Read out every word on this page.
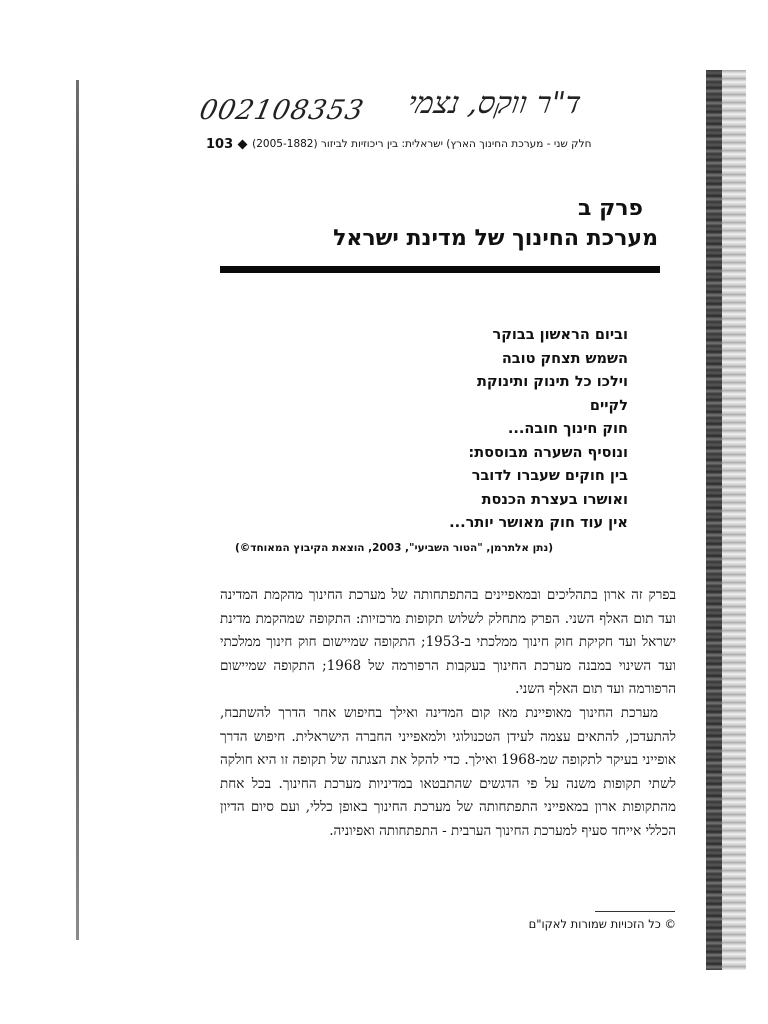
002108353 ד"ר ווקס, נצמי
103 חלק שני - מערכת החינוך הארץ) ישראלית: בין ריכוזיות לביזור (2005-1882)
פרק ב
מערכת החינוך של מדינת ישראל
וביום הראשון בבוקר
השמש תצחק טובה
וילכו כל תינוק ותינוקת
לקיים
חוק חינוך חובה...
ונוסיף השערה מבוססת:
בין חוקים שעברו לדובר
ואושרו בעצרת הכנסת
אין עוד חוק מאושר יותר...
(נתן אלתרמן, "הטור השביעי", 2003, הוצאת הקיבוץ המאוחד©)

בפרק זה ארון בתהליכים ובמאפיינים בהתפתחותה של מערכת החינוך מהקמת המדינה ועד תום האלף השני. הפרק מתחלק לשלוש תקופות מרכזיות: התקופה שמהקמת מדינת ישראל ועד חקיקת חוק חינוך ממלכתי ב-1953; התקופה שמיישום חוק חינוך ממלכתי ועד השינוי במבנה מערכת החינוך בעקבות הרפורמה של 1968; התקופה שמיישום הרפורמה ועד תום האלף השני.

מערכת החינוך מאופיינת מאז קום המדינה ואילך בחיפוש אחר הדרך להשתבח, להתעדכן, להתאים עצמה לעידן הטכנולוגי ולמאפייני החברה הישראלית. חיפוש הדרך אופייני בעיקר לתקופה שמ-1968 ואילך. כדי להקל את הצגתה של תקופה זו היא חולקה לשתי תקופות משנה על פי הדגשים שהתבטאו במדיניות מערכת החינוך. בכל אחת מהתקופות ארון במאפייני התפתחותה של מערכת החינוך באופן כללי, ועם סיום הדיון הכללי אייחד סעיף למערכת החינוך הערבית - התפתחותה ואפיוניה.

© כל הזכויות שמורות לאקו"ם
